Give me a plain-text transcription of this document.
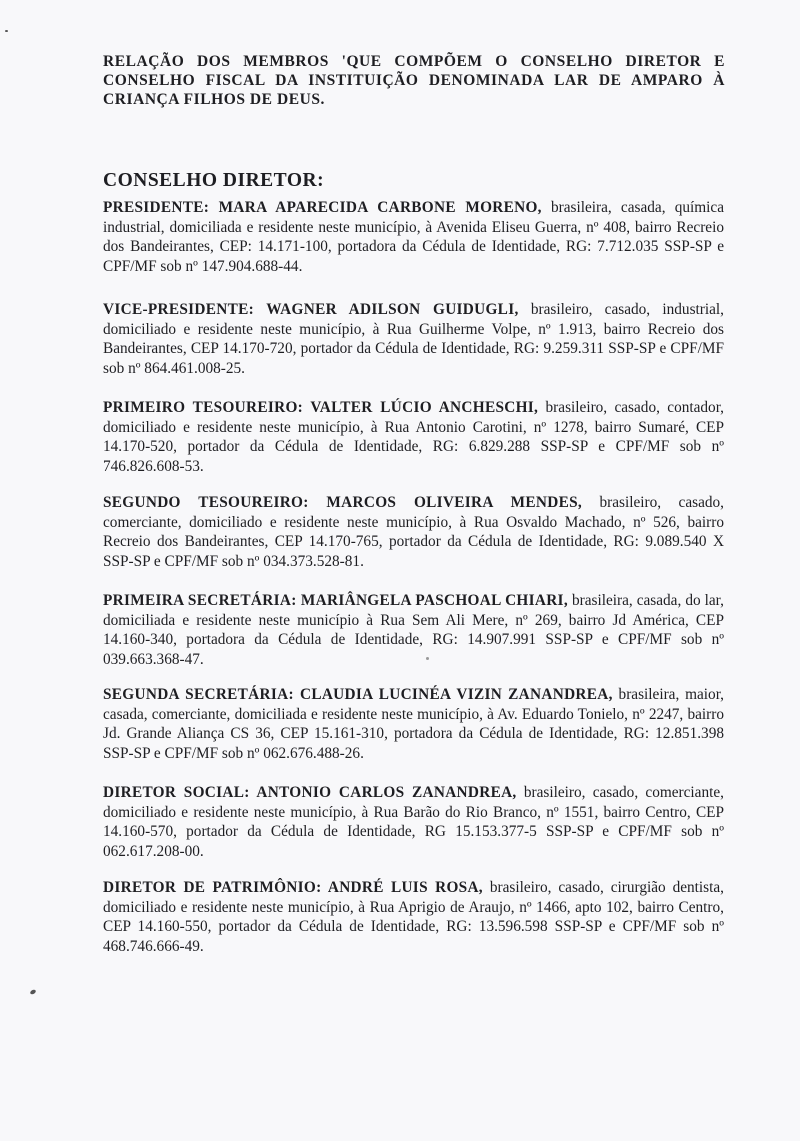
RELAÇÃO DOS MEMBROS 'QUE COMPÕEM O CONSELHO DIRETOR E CONSELHO FISCAL DA INSTITUIÇÃO DENOMINADA LAR DE AMPARO À CRIANÇA FILHOS DE DEUS.
CONSELHO DIRETOR:

PRESIDENTE: MARA APARECIDA CARBONE MORENO, brasileira, casada, química industrial, domiciliada e residente neste município, à Avenida Eliseu Guerra, nº 408, bairro Recreio dos Bandeirantes, CEP: 14.171-100, portadora da Cédula de Identidade, RG: 7.712.035 SSP-SP e CPF/MF sob nº 147.904.688-44.

VICE-PRESIDENTE: WAGNER ADILSON GUIDUGLI, brasileiro, casado, industrial, domiciliado e residente neste município, à Rua Guilherme Volpe, nº 1.913, bairro Recreio dos Bandeirantes, CEP 14.170-720, portador da Cédula de Identidade, RG: 9.259.311 SSP-SP e CPF/MF sob nº 864.461.008-25.

PRIMEIRO TESOUREIRO: VALTER LÚCIO ANCHESCHI, brasileiro, casado, contador, domiciliado e residente neste município, à Rua Antonio Carotini, nº 1278, bairro Sumaré, CEP 14.170-520, portador da Cédula de Identidade, RG: 6.829.288 SSP-SP e CPF/MF sob nº 746.826.608-53.

SEGUNDO TESOUREIRO: MARCOS OLIVEIRA MENDES, brasileiro, casado, comerciante, domiciliado e residente neste município, à Rua Osvaldo Machado, nº 526, bairro Recreio dos Bandeirantes, CEP 14.170-765, portador da Cédula de Identidade, RG: 9.089.540 X SSP-SP e CPF/MF sob nº 034.373.528-81.

PRIMEIRA SECRETÁRIA: MARIÂNGELA PASCHOAL CHIARI, brasileira, casada, do lar, domiciliada e residente neste município à Rua Sem Ali Mere, nº 269, bairro Jd América, CEP 14.160-340, portadora da Cédula de Identidade, RG: 14.907.991 SSP-SP e CPF/MF sob nº 039.663.368-47.

SEGUNDA SECRETÁRIA: CLAUDIA LUCINÉA VIZIN ZANANDREA, brasileira, maior, casada, comerciante, domiciliada e residente neste município, à Av. Eduardo Tonielo, nº 2247, bairro Jd. Grande Aliança CS 36, CEP 15.161-310, portadora da Cédula de Identidade, RG: 12.851.398 SSP-SP e CPF/MF sob nº 062.676.488-26.

DIRETOR SOCIAL: ANTONIO CARLOS ZANANDREA, brasileiro, casado, comerciante, domiciliado e residente neste município, à Rua Barão do Rio Branco, nº 1551, bairro Centro, CEP 14.160-570, portador da Cédula de Identidade, RG 15.153.377-5 SSP-SP e CPF/MF sob nº 062.617.208-00.

DIRETOR DE PATRIMÔNIO: ANDRÉ LUIS ROSA, brasileiro, casado, cirurgião dentista, domiciliado e residente neste município, à Rua Aprigio de Araujo, nº 1466, apto 102, bairro Centro, CEP 14.160-550, portador da Cédula de Identidade, RG: 13.596.598 SSP-SP e CPF/MF sob nº 468.746.666-49.
